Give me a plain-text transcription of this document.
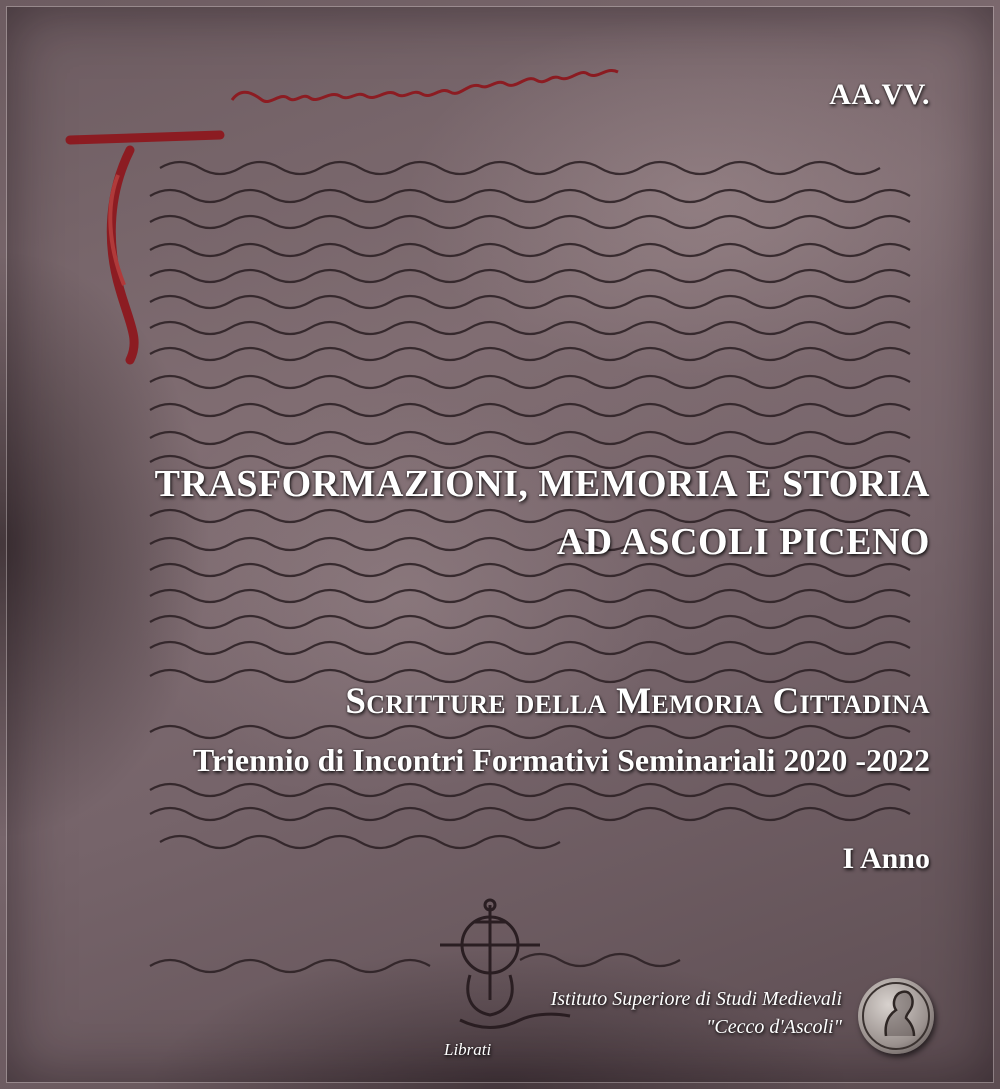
AA.VV.
TRASFORMAZIONI, MEMORIA E STORIA
AD ASCOLI PICENO
Scritture della Memoria Cittadina
Triennio di Incontri Formativi Seminariali 2020 -2022
I Anno
Istituto Superiore di Studi Medievali
"Cecco d'Ascoli"
Librati
